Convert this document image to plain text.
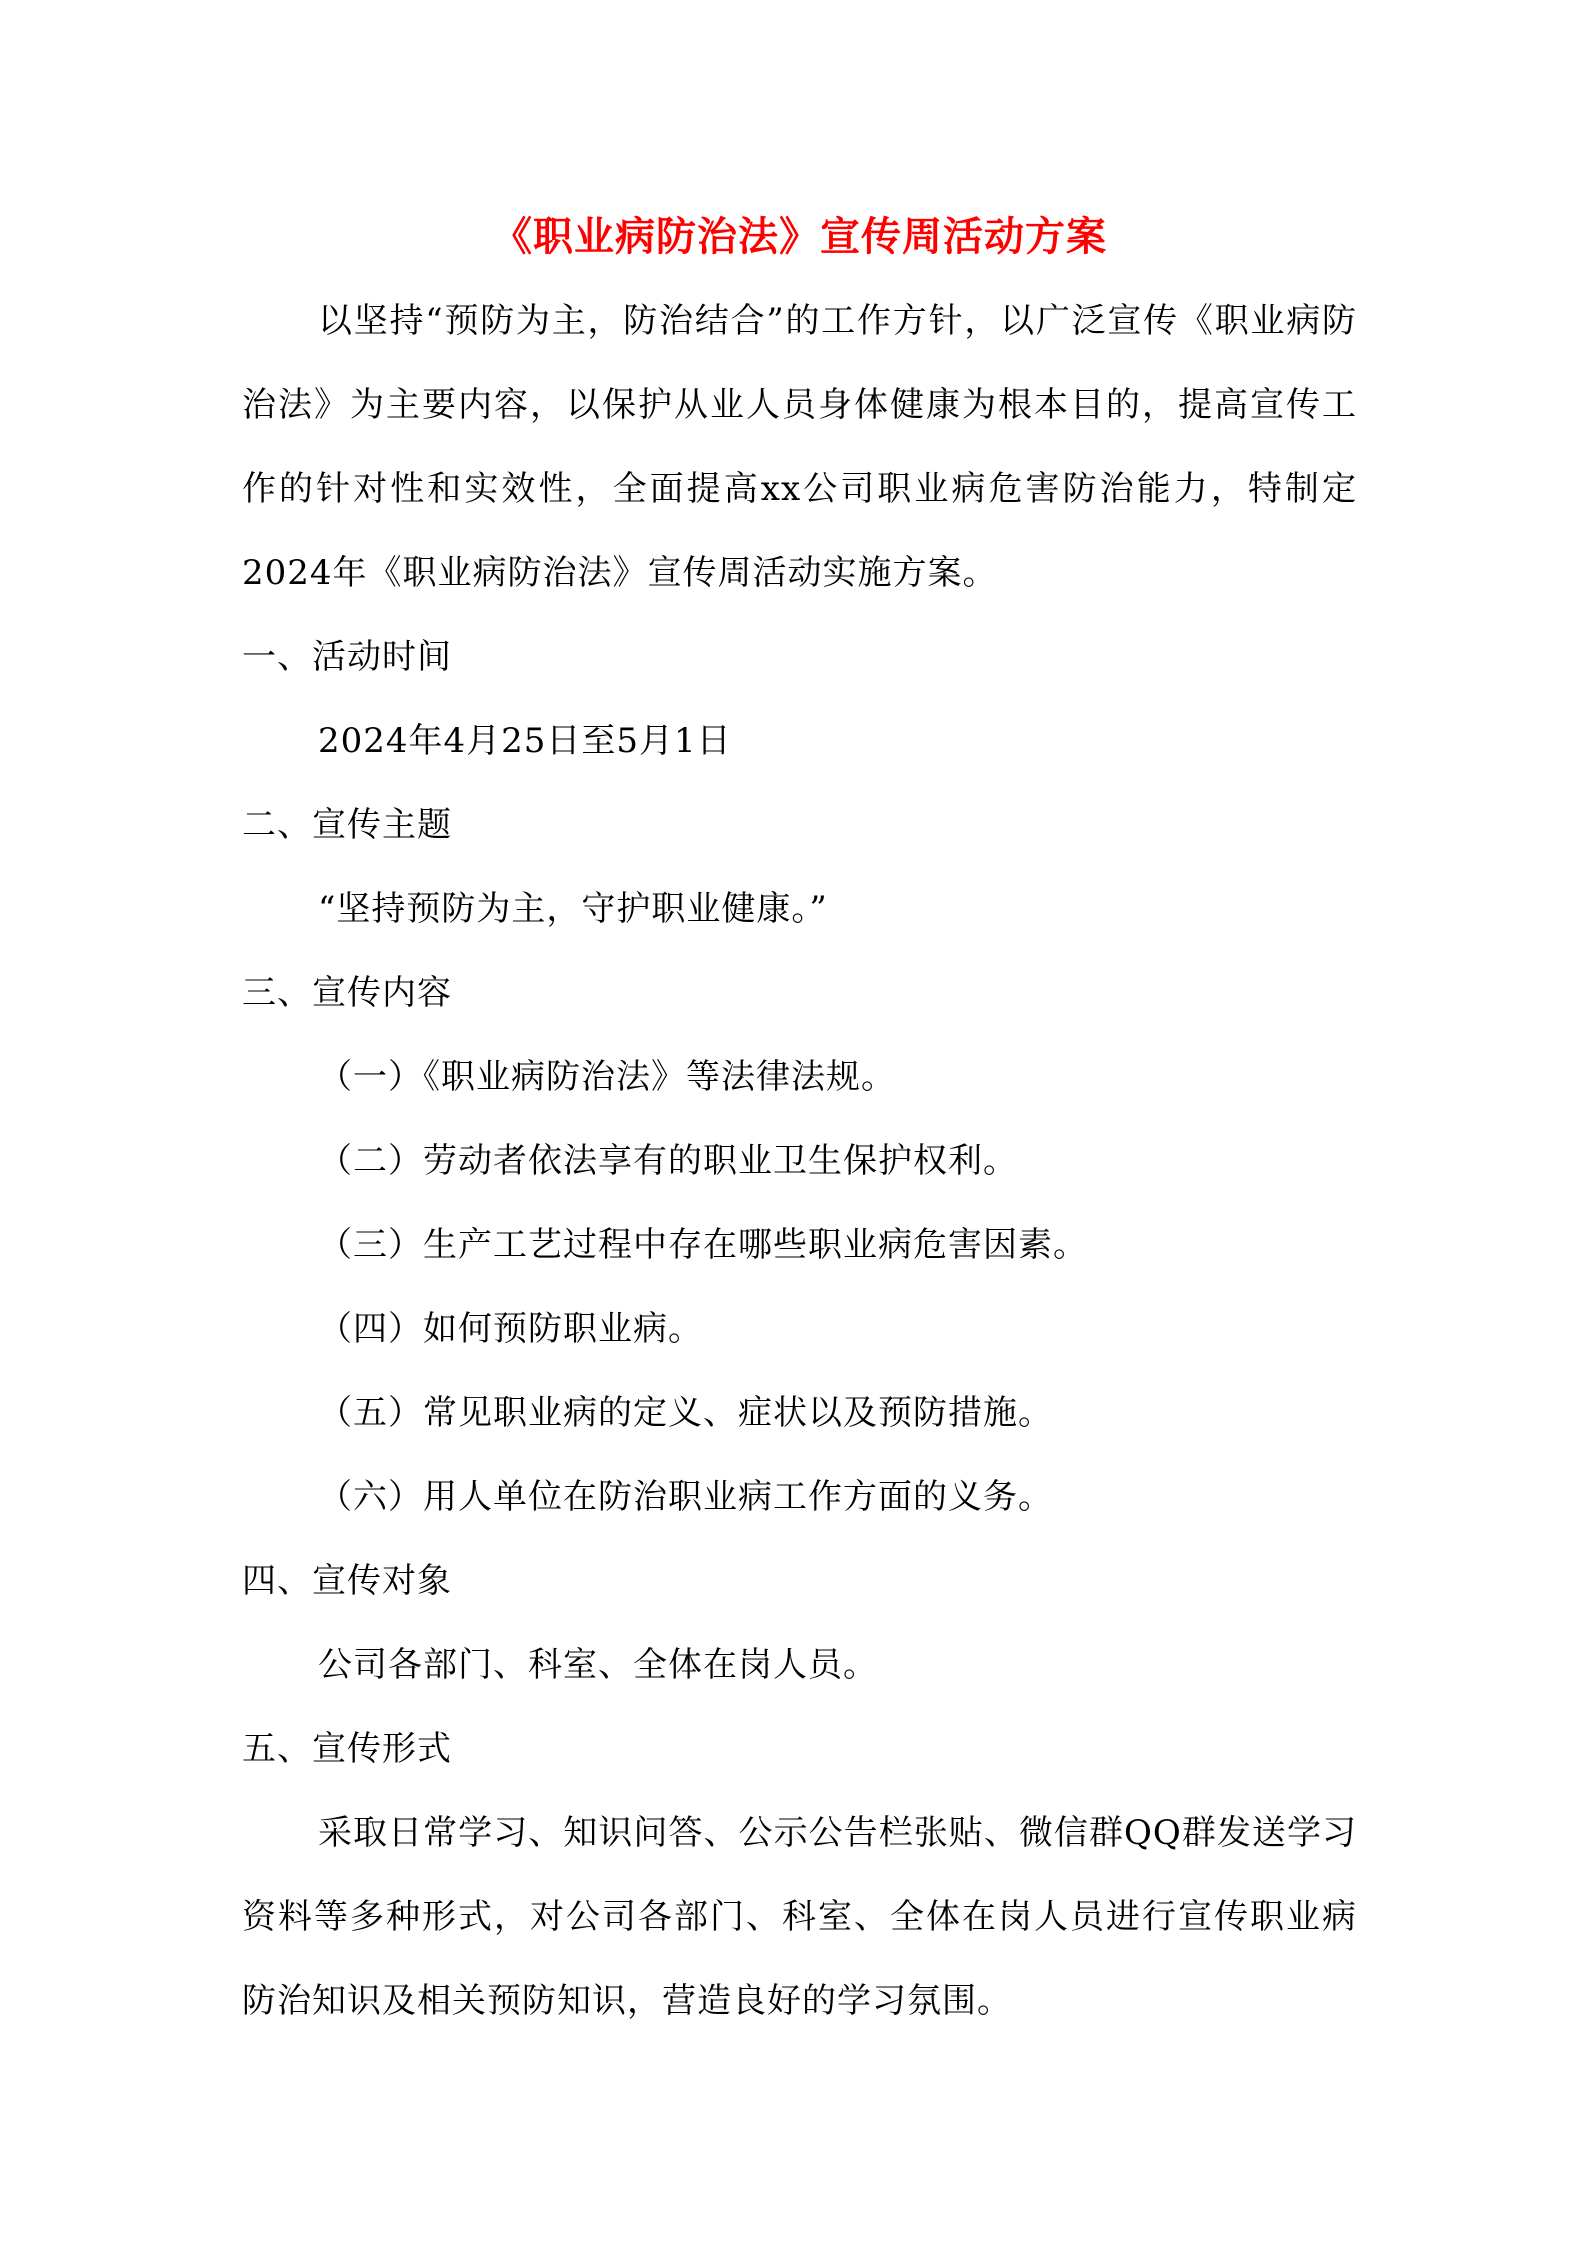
《职业病防治法》宣传周活动方案

以坚持“预防为主，防治结合”的工作方针，以广泛宣传《职业病防治法》为主要内容，以保护从业人员身体健康为根本目的，提高宣传工作的针对性和实效性，全面提高xx公司职业病危害防治能力，特制定2024年《职业病防治法》宣传周活动实施方案。

一、活动时间

2024年4月25日至5月1日

二、宣传主题

“坚持预防为主，守护职业健康。”

三、宣传内容

（一）《职业病防治法》等法律法规。

（二）劳动者依法享有的职业卫生保护权利。

（三）生产工艺过程中存在哪些职业病危害因素。

（四）如何预防职业病。

（五）常见职业病的定义、症状以及预防措施。

（六）用人单位在防治职业病工作方面的义务。

四、宣传对象

公司各部门、科室、全体在岗人员。

五、宣传形式

采取日常学习、知识问答、公示公告栏张贴、微信群QQ群发送学习资料等多种形式，对公司各部门、科室、全体在岗人员进行宣传职业病防治知识及相关预防知识，营造良好的学习氛围。
